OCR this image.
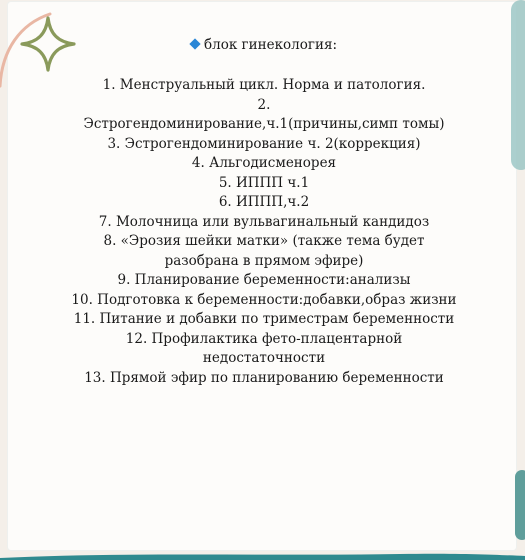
блок гинекология:

1. Менструальный цикл. Норма и патология.
2.
Эстрогендоминирование,ч.1(причины,симп томы)
3. Эстрогендоминирование ч. 2(коррекция)
4. Альгодисменорея
5. ИППП ч.1
6. ИППП,ч.2
7. Молочница или вульвагинальный кандидоз
8. «Эрозия шейки матки» (также тема будет разобрана в прямом эфире)
9. Планирование беременности:анализы
10. Подготовка к беременности:добавки,образ жизни
11. Питание и добавки по триместрам беременности
12. Профилактика фето-плацентарной недостаточности
13. Прямой эфир по планированию беременности
